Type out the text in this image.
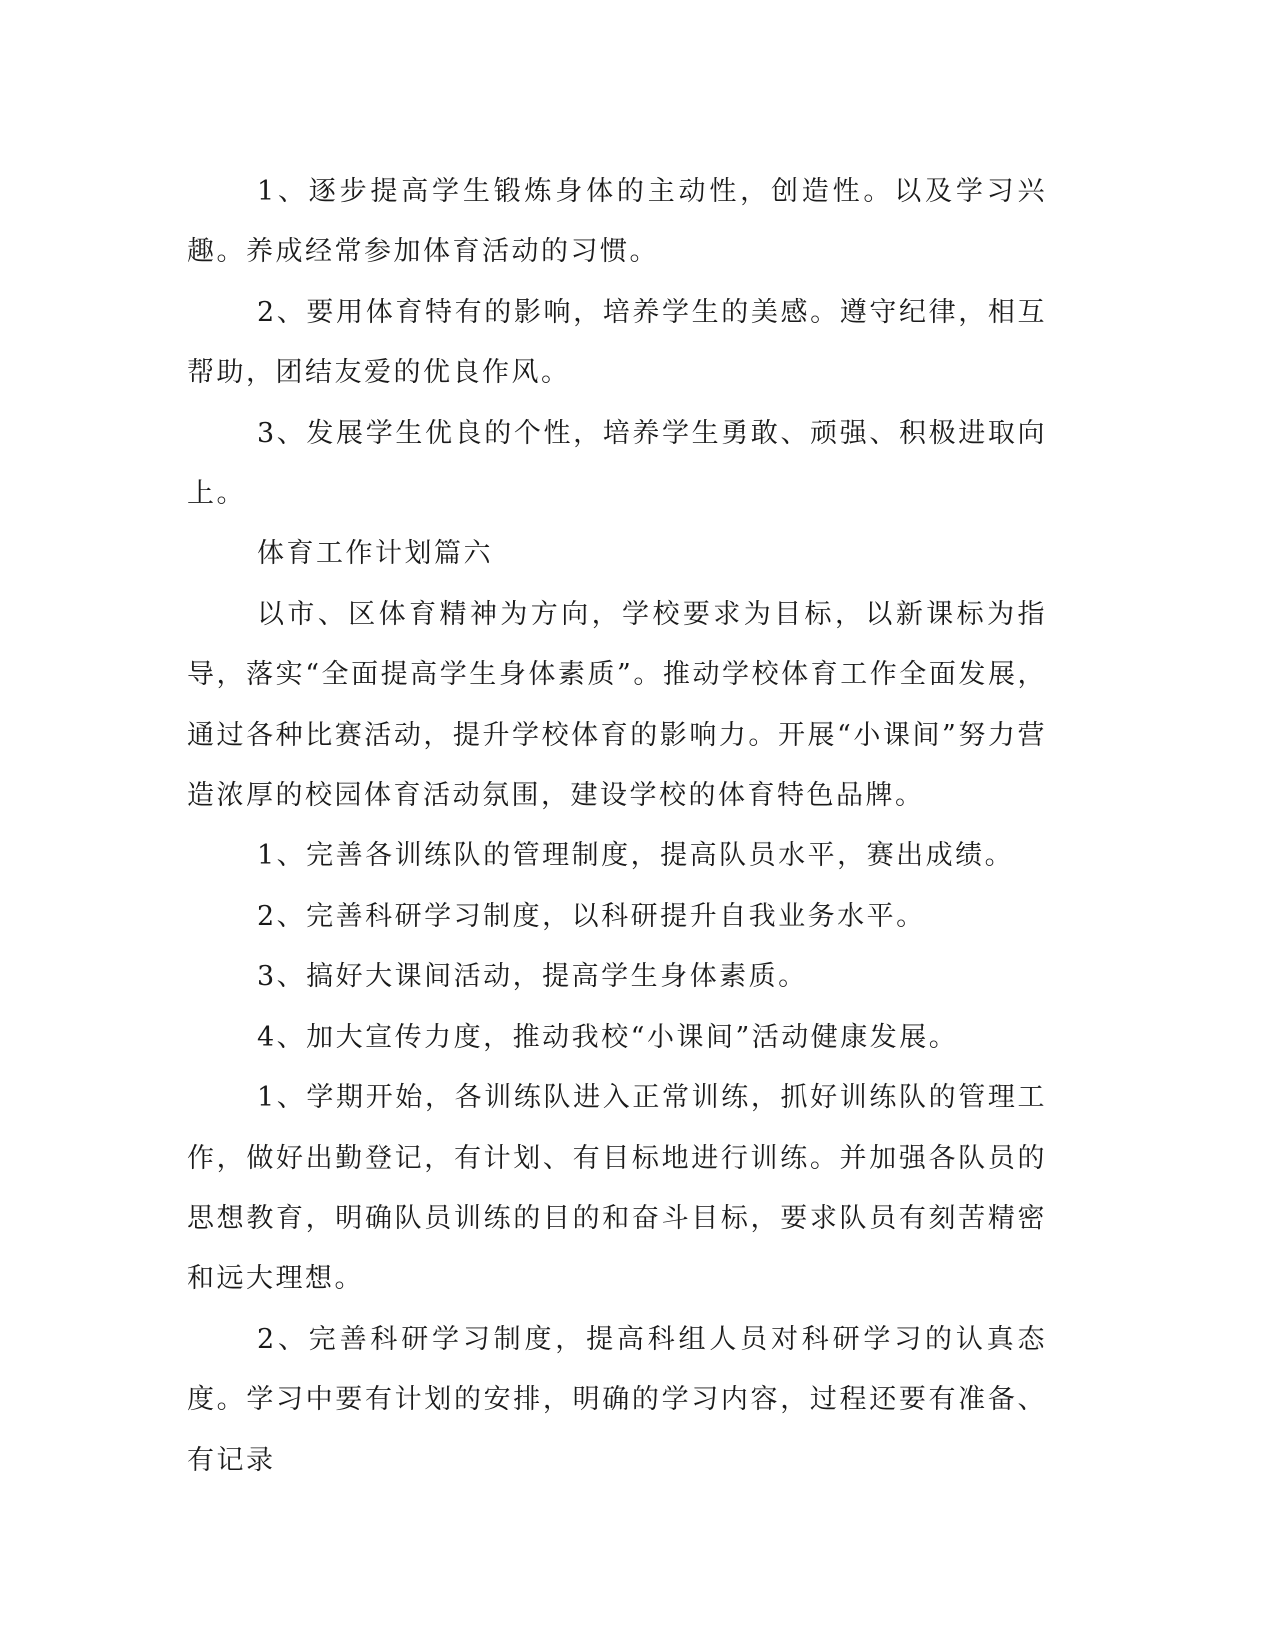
1、逐步提高学生锻炼身体的主动性，创造性。以及学习兴趣。养成经常参加体育活动的习惯。

2、要用体育特有的影响，培养学生的美感。遵守纪律，相互帮助，团结友爱的优良作风。

3、发展学生优良的个性，培养学生勇敢、顽强、积极进取向上。

体育工作计划篇六

以市、区体育精神为方向，学校要求为目标，以新课标为指导，落实“全面提高学生身体素质”。推动学校体育工作全面发展，通过各种比赛活动，提升学校体育的影响力。开展“小课间”努力营造浓厚的校园体育活动氛围，建设学校的体育特色品牌。

1、完善各训练队的管理制度，提高队员水平，赛出成绩。

2、完善科研学习制度，以科研提升自我业务水平。

3、搞好大课间活动，提高学生身体素质。

4、加大宣传力度，推动我校“小课间”活动健康发展。

1、学期开始，各训练队进入正常训练，抓好训练队的管理工作，做好出勤登记，有计划、有目标地进行训练。并加强各队员的思想教育，明确队员训练的目的和奋斗目标，要求队员有刻苦精密和远大理想。

2、完善科研学习制度，提高科组人员对科研学习的认真态度。学习中要有计划的安排，明确的学习内容，过程还要有准备、有记录
